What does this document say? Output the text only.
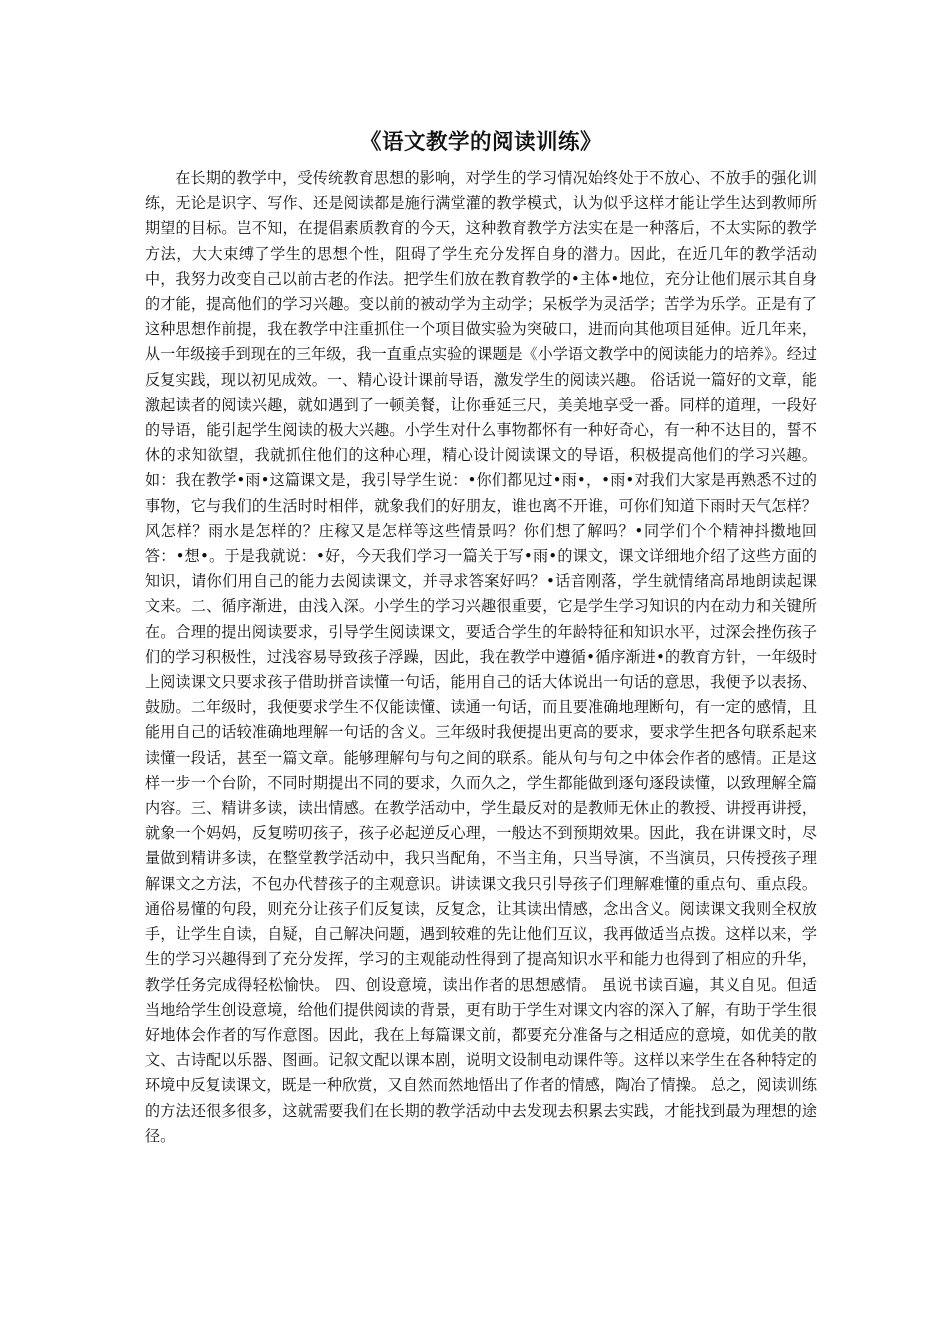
《语文教学的阅读训练》

在长期的教学中，受传统教育思想的影响，对学生的学习情况始终处于不放心、不放手的强化训练，无论是识字、写作、还是阅读都是施行满堂灌的教学模式，认为似乎这样才能让学生达到教师所期望的目标。岂不知，在提倡素质教育的今天，这种教育教学方法实在是一种落后，不太实际的教学方法，大大束缚了学生的思想个性，阻碍了学生充分发挥自身的潜力。因此，在近几年的教学活动中，我努力改变自己以前古老的作法。把学生们放在教育教学的•主体•地位，充分让他们展示其自身的才能，提高他们的学习兴趣。变以前的被动学为主动学；呆板学为灵活学；苦学为乐学。正是有了这种思想作前提，我在教学中注重抓住一个项目做实验为突破口，进而向其他项目延伸。近几年来，从一年级接手到现在的三年级，我一直重点实验的课题是《小学语文教学中的阅读能力的培养》。经过反复实践，现以初见成效。一、精心设计课前导语，激发学生的阅读兴趣。 俗话说一篇好的文章，能激起读者的阅读兴趣，就如遇到了一顿美餐，让你垂延三尺，美美地享受一番。同样的道理，一段好的导语，能引起学生阅读的极大兴趣。小学生对什么事物都怀有一种好奇心，有一种不达目的，誓不休的求知欲望，我就抓住他们的这种心理，精心设计阅读课文的导语，积极提高他们的学习兴趣。如：我在教学•雨•这篇课文是，我引导学生说：•你们都见过•雨•，•雨•对我们大家是再熟悉不过的事物，它与我们的生活时时相伴，就象我们的好朋友，谁也离不开谁，可你们知道下雨时天气怎样？风怎样？雨水是怎样的？庄稼又是怎样等这些情景吗？你们想了解吗？•同学们个个精神抖擞地回答：•想•。于是我就说：•好，今天我们学习一篇关于写•雨•的课文，课文详细地介绍了这些方面的知识，请你们用自己的能力去阅读课文，并寻求答案好吗？•话音刚落，学生就情绪高昂地朗读起课文来。二、循序渐进，由浅入深。小学生的学习兴趣很重要，它是学生学习知识的内在动力和关键所在。合理的提出阅读要求，引导学生阅读课文，要适合学生的年龄特征和知识水平，过深会挫伤孩子们的学习积极性，过浅容易导致孩子浮躁，因此，我在教学中遵循•循序渐进•的教育方针，一年级时上阅读课文只要求孩子借助拼音读懂一句话，能用自己的话大体说出一句话的意思，我便予以表扬、鼓励。二年级时，我便要求学生不仅能读懂、读通一句话，而且要准确地理断句，有一定的感情，且能用自己的话较准确地理解一句话的含义。三年级时我便提出更高的要求，要求学生把各句联系起来读懂一段话，甚至一篇文章。能够理解句与句之间的联系。能从句与句之中体会作者的感情。正是这样一步一个台阶，不同时期提出不同的要求，久而久之，学生都能做到逐句逐段读懂，以致理解全篇内容。三、精讲多读，读出情感。在教学活动中，学生最反对的是教师无休止的教授、讲授再讲授，就象一个妈妈，反复唠叨孩子，孩子必起逆反心理，一般达不到预期效果。因此，我在讲课文时，尽量做到精讲多读，在整堂教学活动中，我只当配角，不当主角，只当导演，不当演员，只传授孩子理解课文之方法，不包办代替孩子的主观意识。讲读课文我只引导孩子们理解难懂的重点句、重点段。通俗易懂的句段，则充分让孩子们反复读，反复念，让其读出情感，念出含义。阅读课文我则全权放手，让学生自读，自疑，自己解决问题，遇到较难的先让他们互议，我再做适当点拨。这样以来，学生的学习兴趣得到了充分发挥，学习的主观能动性得到了提高知识水平和能力也得到了相应的升华，教学任务完成得轻松愉快。 四、创设意境，读出作者的思想感情。 虽说书读百遍，其义自见。但适当地给学生创设意境，给他们提供阅读的背景，更有助于学生对课文内容的深入了解，有助于学生很好地体会作者的写作意图。因此，我在上每篇课文前，都要充分准备与之相适应的意境，如优美的散文、古诗配以乐器、图画。记叙文配以课本剧，说明文设制电动课件等。这样以来学生在各种特定的环境中反复读课文，既是一种欣赏，又自然而然地悟出了作者的情感，陶冶了情操。 总之，阅读训练的方法还很多很多，这就需要我们在长期的教学活动中去发现去积累去实践，才能找到最为理想的途径。
